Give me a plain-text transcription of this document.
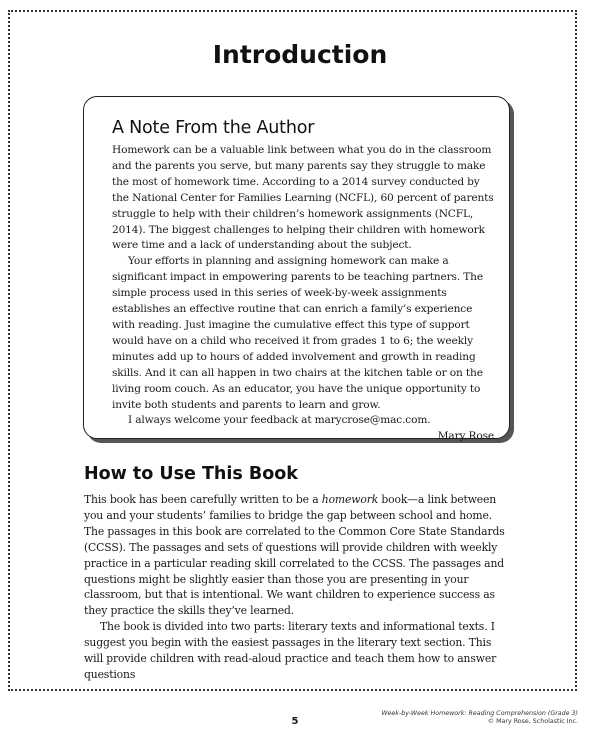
Introduction
A Note From the Author

Homework can be a valuable link between what you do in the classroom and the parents you serve, but many parents say they struggle to make the most of homework time. According to a 2014 survey conducted by the National Center for Families Learning (NCFL), 60 percent of parents struggle to help with their children’s homework assignments (NCFL, 2014). The biggest challenges to helping their children with homework were time and a lack of understanding about the subject.

Your efforts in planning and assigning homework can make a significant impact in empowering parents to be teaching partners. The simple process used in this series of week-by-week assignments establishes an effective routine that can enrich a family’s experience with reading. Just imagine the cumulative effect this type of support would have on a child who received it from grades 1 to 6; the weekly minutes add up to hours of added involvement and growth in reading skills. And it can all happen in two chairs at the kitchen table or on the living room couch. As an educator, you have the unique opportunity to invite both students and parents to learn and grow.

I always welcome your feedback at marycrose@mac.com.

Mary Rose

How to Use This Book

This book has been carefully written to be a homework book—a link between you and your students’ families to bridge the gap between school and home. The passages in this book are correlated to the Common Core State Standards (CCSS). The passages and sets of questions will provide children with weekly practice in a particular reading skill correlated to the CCSS. The passages and questions might be slightly easier than those you are presenting in your classroom, but that is intentional. We want children to experience success as they practice the skills they’ve learned.

The book is divided into two parts: literary texts and informational texts. I suggest you begin with the easiest passages in the literary text section. This will provide children with read-aloud practice and teach them how to answer questions

5
Week-by-Week Homework: Reading Comprehension (Grade 3)
© Mary Rose, Scholastic Inc.
